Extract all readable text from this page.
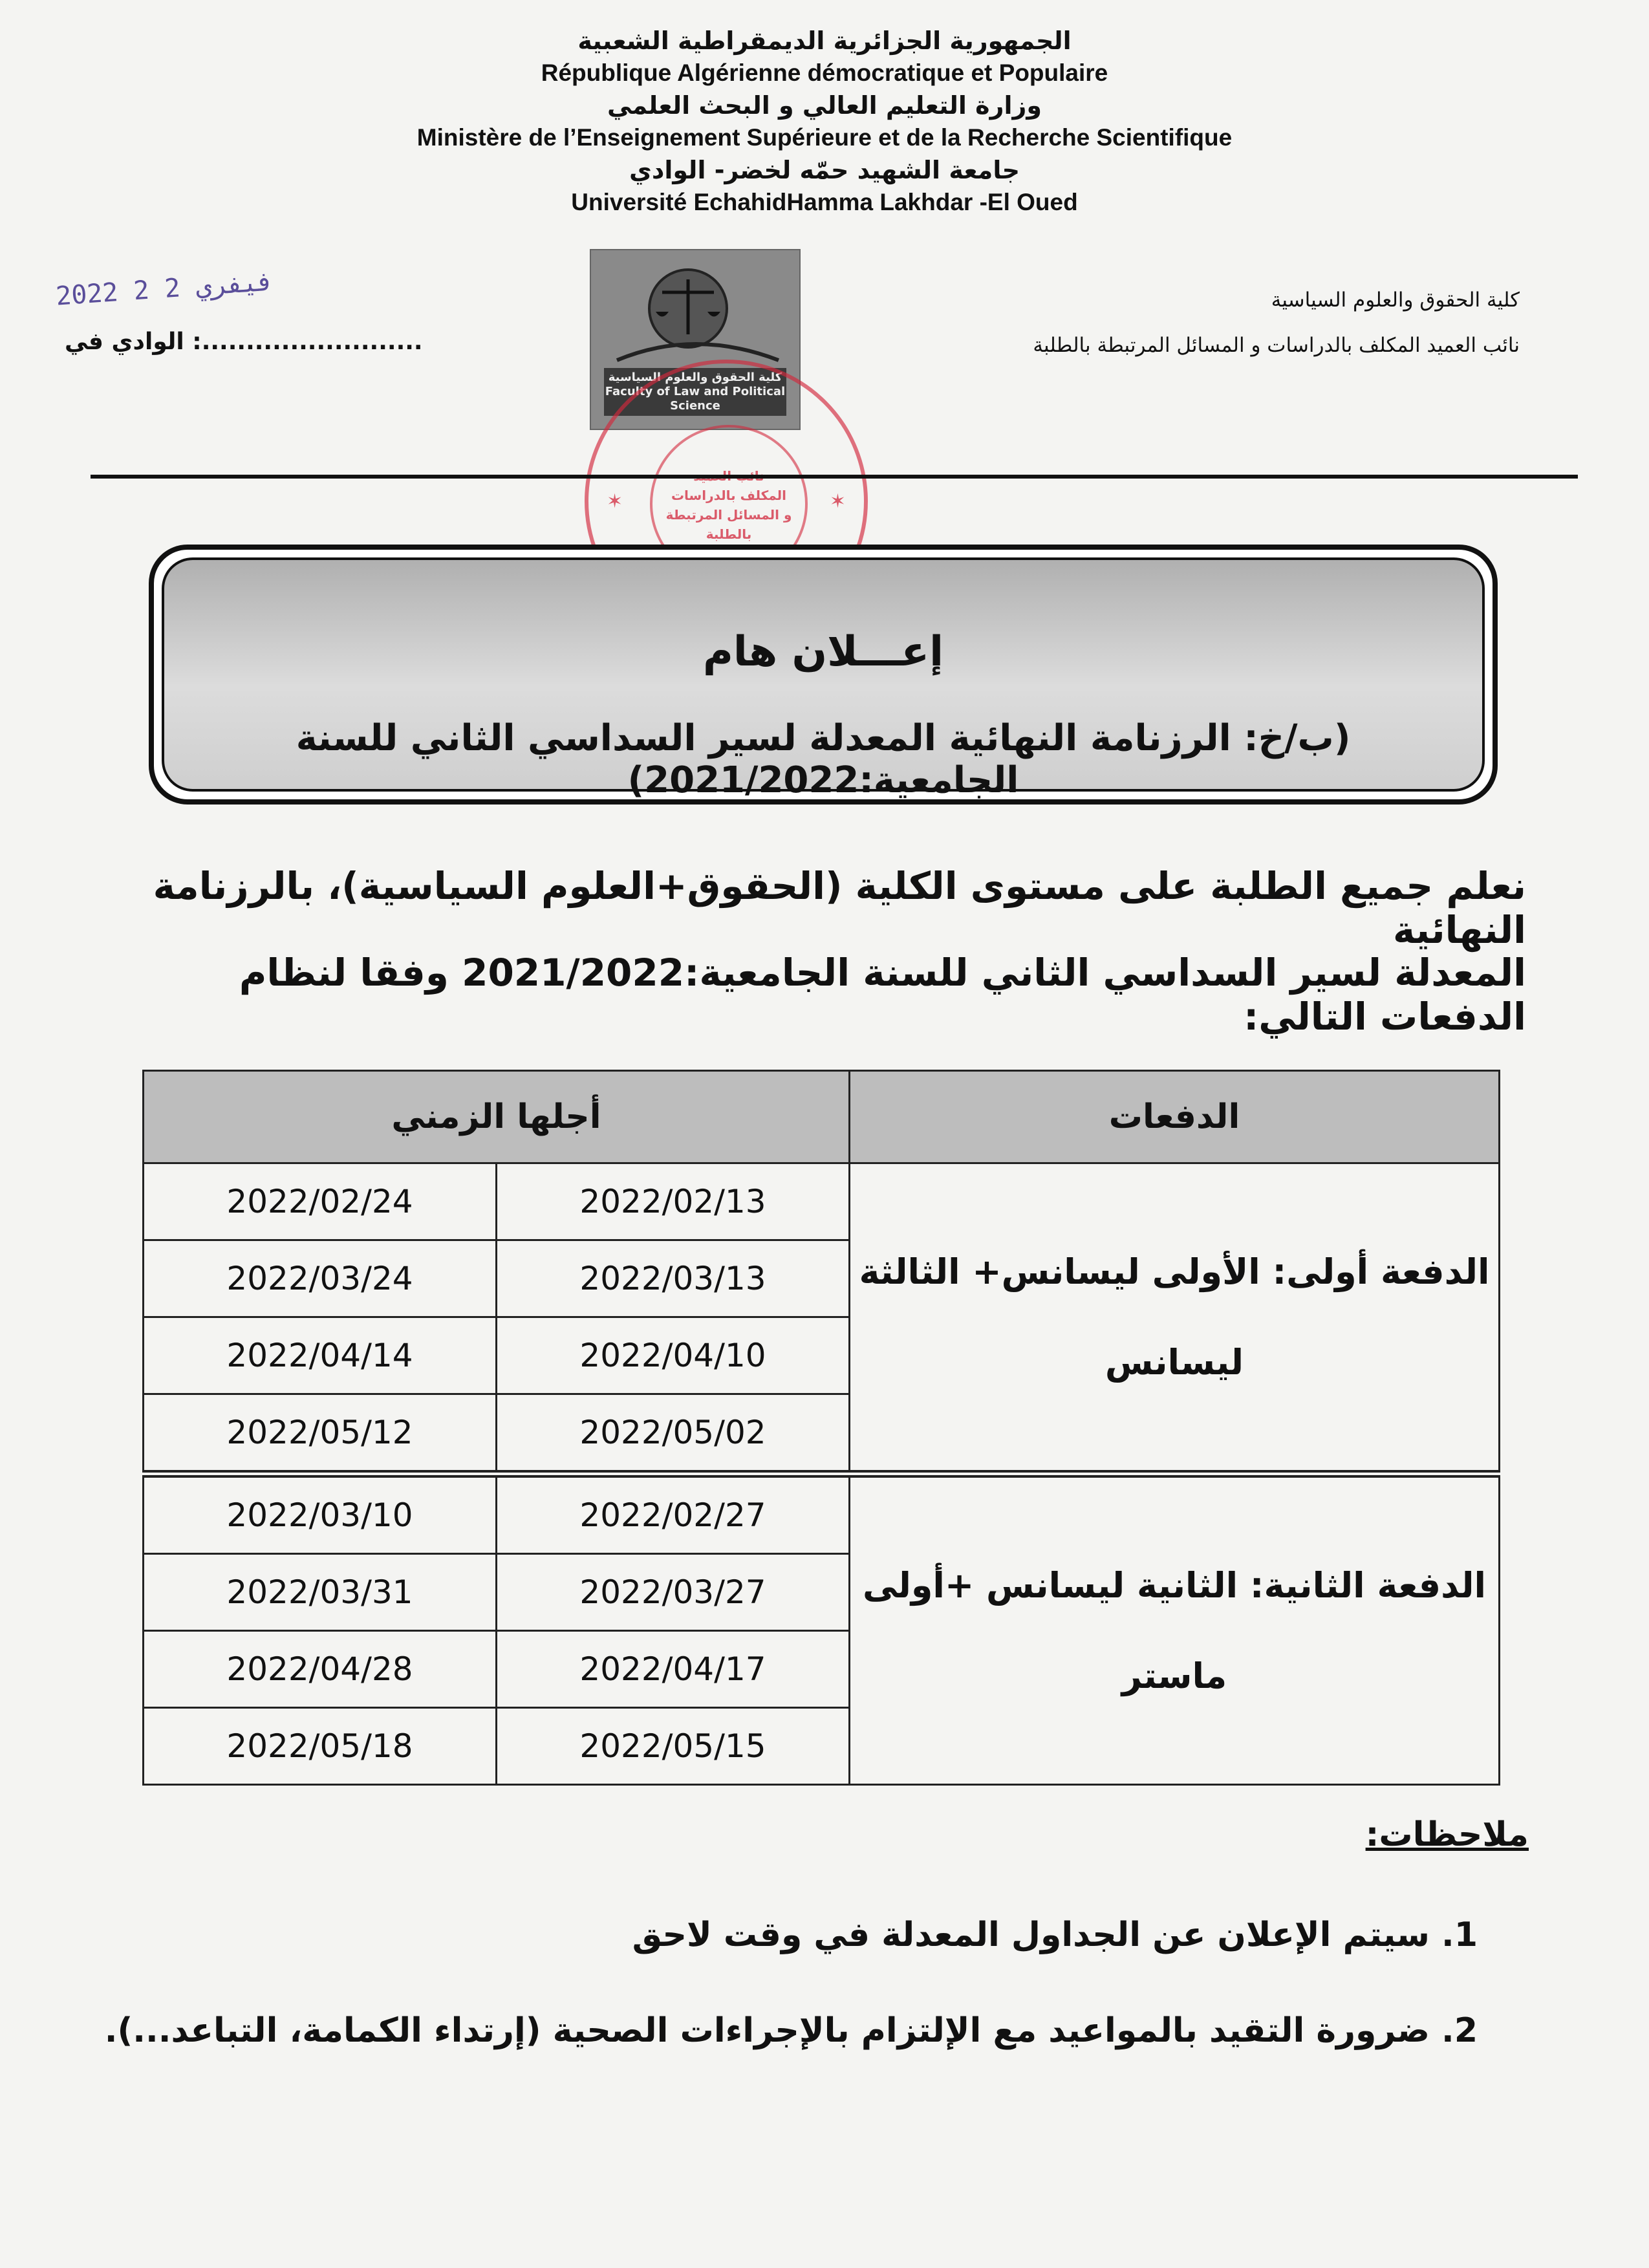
الجمهورية الجزائرية الديمقراطية الشعبية
République Algérienne démocratique et Populaire
وزارة التعليم العالي و البحث العلمي
Ministère de l’Enseignement Supérieure et de la Recherche Scientifique
جامعة الشهيد حمّه لخضر- الوادي
Université EchahidHamma Lakhdar -El Oued
كلية الحقوق والعلوم السياسية Faculty of Law and Political Science
المكلف بالدراسات
و المسائل المرتبطة
بالطلبة
✶	✶
كلية الحقوق والعلوم السياسية
نائب العميد المكلف بالدراسات و المسائل المرتبطة بالطلبة
2022 فيفري 2 2
الوادي في :.........................
إعـــلان هام
(ب/خ: الرزنامة النهائية المعدلة لسير السداسي الثاني للسنة الجامعية:2021/2022)
نعلم جميع الطلبة على مستوى الكلية (الحقوق+العلوم السياسية)، بالرزنامة النهائية
المعدلة لسير السداسي الثاني للسنة الجامعية:2021/2022 وفقا لنظام الدفعات التالي:
الدفعات	أجلها الزمني	
الدفعة أولى: الأولى ليسانس+ الثالثة ليسانس	2022/02/13	2022/02/24
	2022/03/13	2022/03/24
	2022/04/10	2022/04/14
	2022/05/02	2022/05/12
الدفعة الثانية: الثانية ليسانس +أولى ماستر	2022/02/27	2022/03/10
	2022/03/27	2022/03/31
	2022/04/17	2022/04/28
	2022/05/15	2022/05/18
ملاحظات:
1. سيتم الإعلان عن الجداول المعدلة في وقت لاحق
2. ضرورة التقيد بالمواعيد مع الإلتزام بالإجراءات الصحية (إرتداء الكمامة، التباعد...).
